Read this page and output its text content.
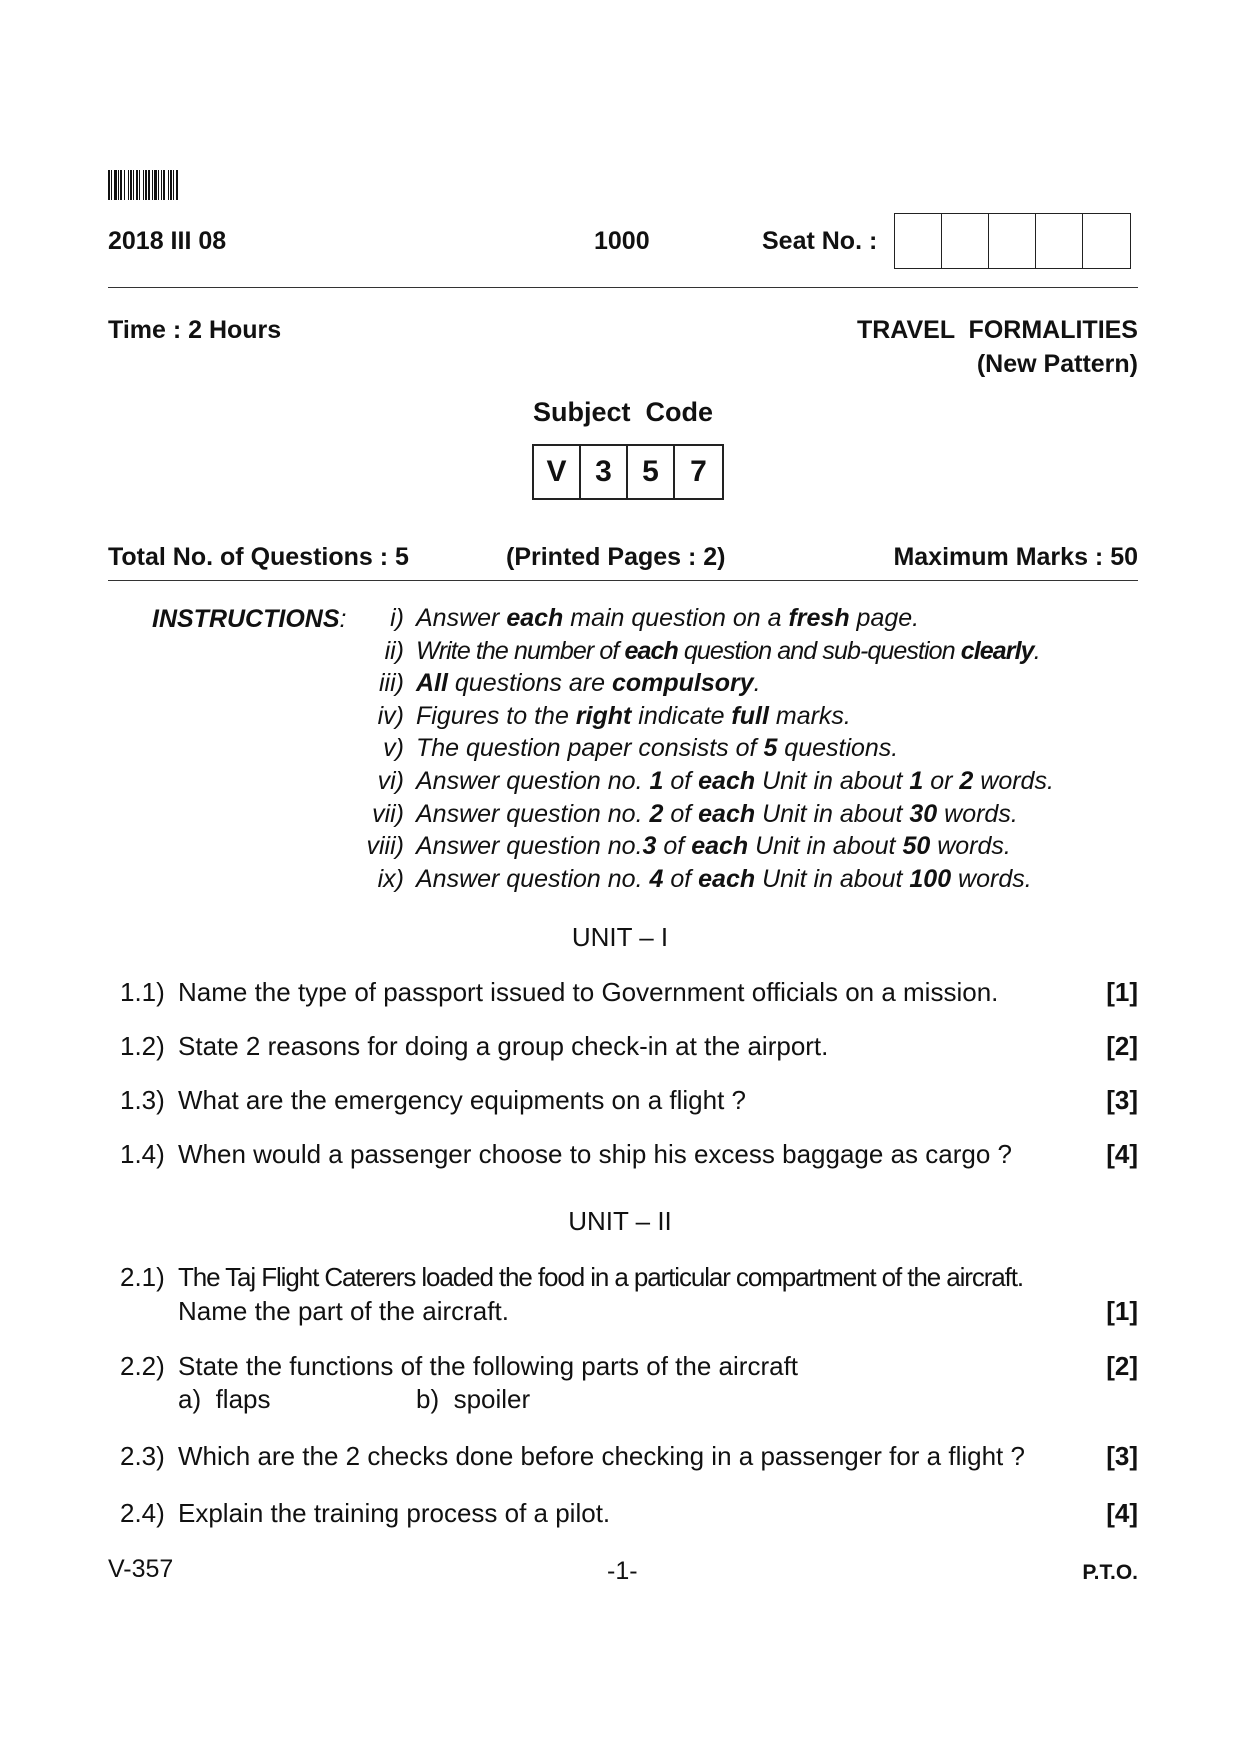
2018 III 08	1000	Seat No. :
Time : 2 Hours	TRAVEL  FORMALITIES
(New Pattern)
Subject  Code
V 3	5	7
Total No. of Questions : 5	(Printed Pages : 2)	Maximum Marks : 50
INSTRUCTIONS: i) Answer each main question on a fresh page.
ii) Write the number of each question and sub-question clearly.
iii) All questions are compulsory.
iv) Figures to the right indicate full marks.
v) The question paper consists of 5 questions.
vi) Answer question no. 1 of each Unit in about 1 or 2 words.
vii) Answer question no. 2 of each Unit in about 30 words.
viii) Answer question no.3 of each Unit in about 50 words.
ix) Answer question no. 4 of each Unit in about 100 words.
UNIT – I
1.1) Name the type of passport issued to Government officials on a mission.	[1]
1.2) State 2 reasons for doing a group check-in at the airport.	[2]
1.3) What are the emergency equipments on a flight ?	[3]
1.4) When would a passenger choose to ship his excess baggage as cargo ?	[4]
UNIT – II
2.1) The Taj Flight Caterers loaded the food in a particular compartment of the aircraft.
Name the part of the aircraft.	[1]
2.2) State the functions of the following parts of the aircraft	[2]
a)  flaps	b)  spoiler
2.3) Which are the 2 checks done before checking in a passenger for a flight ?	[3]
2.4) Explain the training process of a pilot.	[4]
V-357	-1-	P.T.O.
